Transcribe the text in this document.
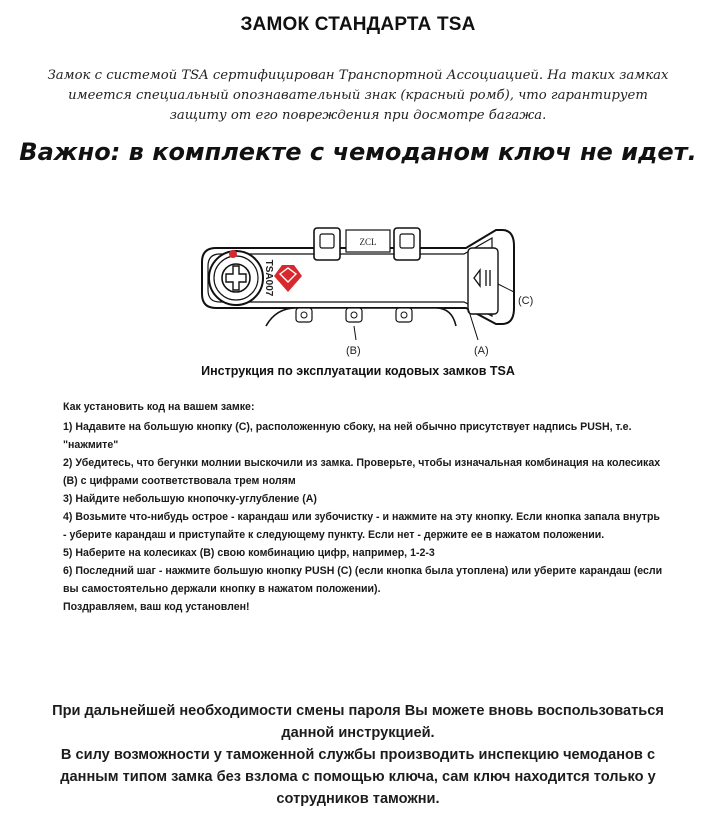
ЗАМОК СТАНДАРТА TSA
Замок с системой TSA сертифицирован Транспортной Ассоциацией. На таких замках имеется специальный опознавательный знак (красный ромб), что гарантирует защиту от его повреждения при досмотре багажа.
Важно: в комплекте с чемоданом ключ не идет.
ZCL
TSA007
(C)
(B)	(A)
Инструкция по эксплуатации кодовых замков TSA

Как установить код на вашем замке:

1) Надавите на большую кнопку (С), расположенную сбоку, на ней обычно присутствует надпись PUSH, т.е. "нажмите"

2) Убедитесь, что бегунки молнии выскочили из замка. Проверьте, чтобы изначальная комбинация на колесиках (В) с цифрами соответствовала трем нолям

3) Найдите небольшую кнопочку-углубление (А)

4) Возьмите что-нибудь острое - карандаш или зубочистку - и нажмите на эту кнопку. Если кнопка запала внутрь - уберите карандаш и приступайте к следующему пункту. Если нет - держите ее в нажатом положении.

5) Наберите на колесиках (В) свою комбинацию цифр, например, 1-2-3

6) Последний шаг - нажмите большую кнопку PUSH (С) (если кнопка была утоплена) или уберите карандаш (если вы самостоятельно держали кнопку в нажатом положении).

Поздравляем, ваш код установлен!

При дальнейшей необходимости смены пароля Вы можете вновь воспользоваться данной инструкцией.

В силу возможности у таможенной службы производить инспекцию чемоданов с данным типом замка без взлома с помощью ключа, сам ключ находится только у сотрудников таможни.
